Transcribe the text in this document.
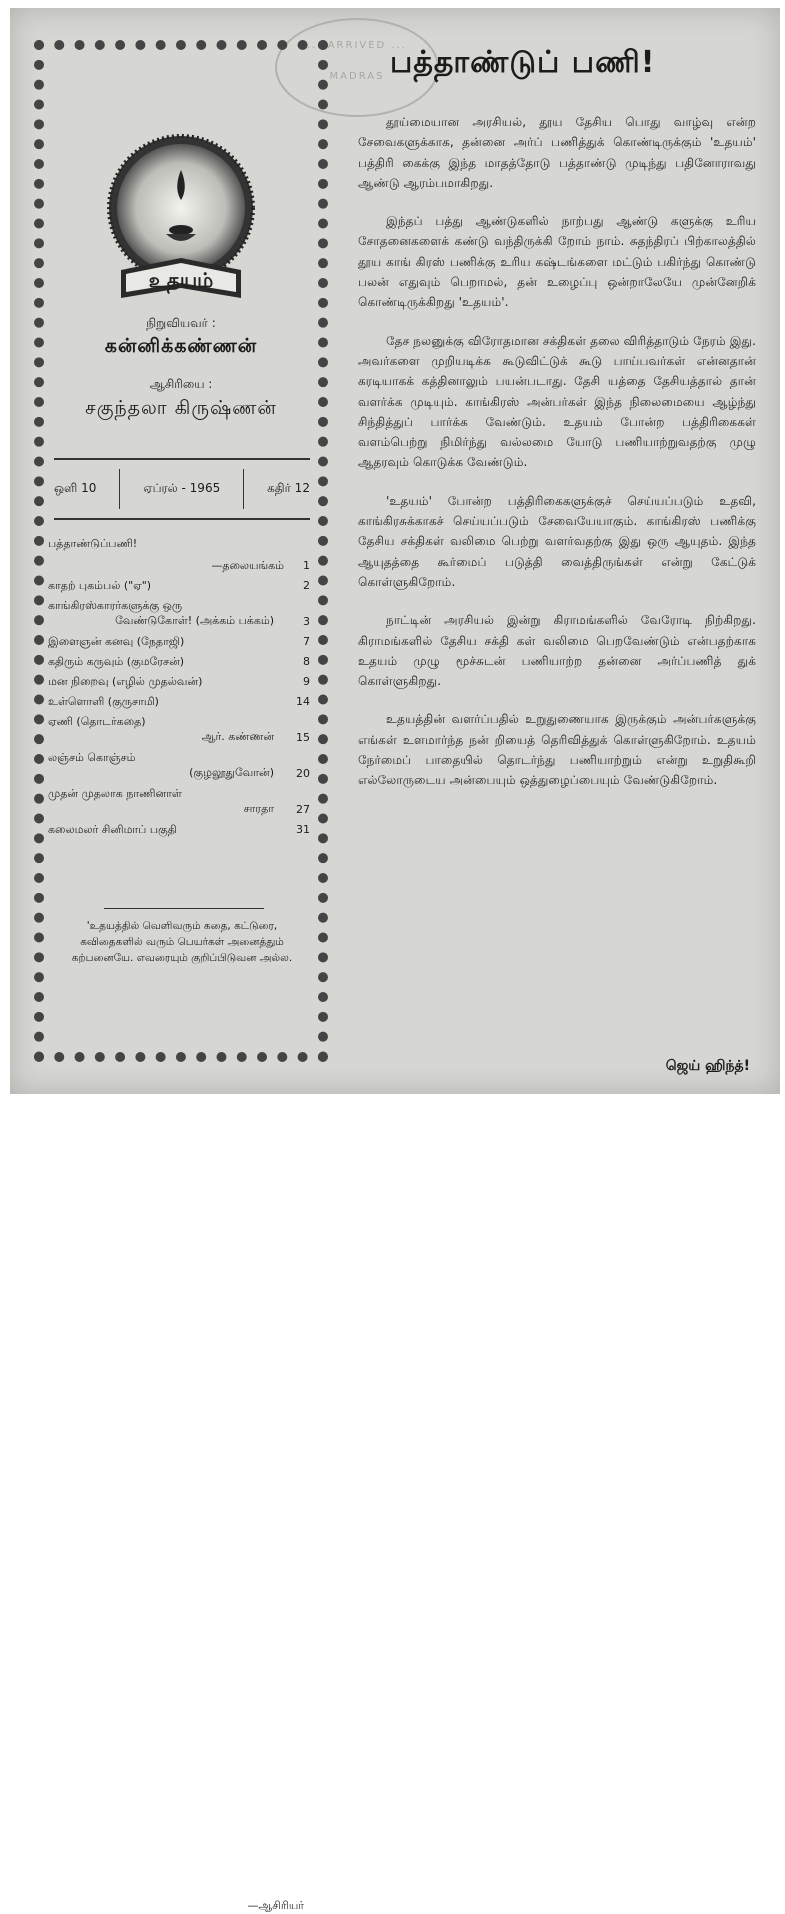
... ARRIVED ...
MADRAS
உதயம்
நிறுவியவர் :
கன்னிக்கண்ணன்
ஆசிரியை :
சகுந்தலா கிருஷ்ணன்
ஒளி 10	ஏப்ரல் - 1965	கதிர் 12
பத்தாண்டுப்பணி!
—தலையங்கம்	1
காதற் புகம்பல் ("ஏ")	2
காங்கிரஸ்காரர்களுக்கு ஒரு
வேண்டுகோள்! (அக்கம் பக்கம்)	3
இளைஞன் கனவு (நேதாஜி)	7
கதிரும் கருவும் (குமரேசன்)	8
மன நிறைவு (எழில் முதல்வன்)	9
உள்ளொளி (குருசாமி)	14
ஏணி (தொடர்கதை)
ஆர். கண்ணன்	15
லஞ்சம் கொஞ்சம்
(குழலூதுவோன்)	20
முதன் முதலாக நாணினாள்
சாரதா	27
கலைமலர் சினிமாப் பகுதி	31
'உதயத்தில் வெளிவரும் கதை, கட்டுரை, கவிதைகளில் வரும் பெயர்கள் அனைத்தும் கற்பனையே. எவரையும் குறிப்பிடுவன அல்ல.
—ஆசிரியர்
பத்தாண்டுப் பணி!

தூய்மையான அரசியல், தூய தேசிய பொது வாழ்வு என்ற சேவைகளுக்காக, தன்னை அர்ப் பணித்துக் கொண்டிருக்கும் 'உதயம்' பத்திரி கைக்கு இந்த மாதத்தோடு பத்தாண்டு முடிந்து பதினோராவது ஆண்டு ஆரம்பமாகிறது.

இந்தப் பத்து ஆண்டுகளில் நாற்பது ஆண்டு களுக்கு உரிய சோதனைகளைக் கண்டு வந்திருக்கி றோம் நாம். சுதந்திரப் பிற்காலத்தில் தூய காங் கிரஸ் பணிக்கு உரிய கஷ்டங்களை மட்டும் பகிர்ந்து கொண்டு பலன் எதுவும் பெறாமல், தன் உழைப்பு ஒன்றாலேயே முன்னேறிக் கொண்டிருக்கிறது 'உதயம்'.

தேச நலனுக்கு விரோதமான சக்திகள் தலை விரித்தாடும் நேரம் இது. அவர்களை முறியடிக்க கூடுவிட்டுக் கூடு பாய்பவர்கள் என்னதான் கரடியாகக் கத்தினாலும் பயன்படாது. தேசி யத்தை தேசியத்தால் தான் வளர்க்க முடியும். காங்கிரஸ் அன்பர்கள் இந்த நிலைமையை ஆழ்ந்து சிந்தித்துப் பார்க்க வேண்டும். உதயம் போன்ற பத்திரிகைகள் வளம்பெற்று நிமிர்ந்து வல்லமை யோடு பணியாற்றுவதற்கு முழு ஆதரவும் கொடுக்க வேண்டும்.

'உதயம்' போன்ற பத்திரிகைகளுக்குச் செய்யப்படும் உதவி, காங்கிரசுக்காகச் செய்யப்படும் சேவையேயாகும். காங்கிரஸ் பணிக்கு தேசிய சக்திகள் வலிமை பெற்று வளர்வதற்கு இது ஒரு ஆயுதம். இந்த ஆயுதத்தை கூர்மைப் படுத்தி வைத்திருங்கள் என்று கேட்டுக் கொள்ளுகிறோம்.

நாட்டின் அரசியல் இன்று கிராமங்களில் வேரோடி நிற்கிறது. கிராமங்களில் தேசிய சக்தி கள் வலிமை பெறவேண்டும் என்பதற்காக உதயம் முழு மூச்சுடன் பணியாற்ற தன்னை அர்ப்பணித் துக் கொள்ளுகிறது.

உதயத்தின் வளர்ப்பதில் உறுதுணையாக இருக்கும் அன்பர்களுக்கு எங்கள் உளமார்ந்த நன் றியைத் தெரிவித்துக் கொள்ளுகிறோம். உதயம் நேர்மைப் பாதையில் தொடர்ந்து பணியாற்றும் என்று உறுதிகூறி எல்லோருடைய அன்பையும் ஒத்துழைப்பையும் வேண்டுகிறோம்.

ஜெய் ஹிந்த்!
